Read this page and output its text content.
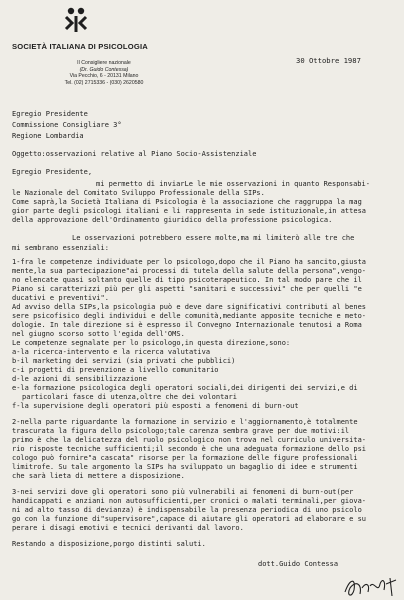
SOCIETÀ ITALIANA DI PSICOLOGIA
Il Consigliere nazionale
(Dr. Guido Contessa)
Via Pecchio, 6 - 20131 Milano
Tel. (02) 2715336 - (030) 2620580
30 Ottobre 1987
Egregio Presidente
Commissione Consigliare 3°
Regione Lombardia
Oggetto:osservazioni relative al Piano Socio-Assistenziale
Egregio Presidente,
mi permetto di inviarLe le mie osservazioni in quanto Responsabi-
le Nazionale del Comitato Sviluppo Professionale della SIPs.
Come saprà,la Società Italiana di Psicologia è la associazione che raggruppa la mag
gior parte degli psicologi italiani e li rappresenta in sede istituzionale,in attesa
della approvazione dell'Ordinamento giuridico della professione psicologica.
Le osservazioni potrebbero essere molte,ma mi limiterò alle tre che
mi sembrano essenziali:
1-fra le competenze individuate per lo psicologo,dopo che il Piano ha sancito,giusta
mente,la sua partecipazione"ai processi di tutela della salute della persona",vengo-
no elencate quasi soltanto quelle di tipo psicoterapeutico. In tal modo pare che il
Piano si caratterizzi più per gli aspetti "sanitari e successivi" che per quelli "e
ducativi e preventivi".
Ad avviso della SIPs,la psicologia può e deve dare significativi contributi al benes
sere psicofisico degli individui e delle comunità,mediante apposite tecniche e meto-
dologie. In tale direzione si è espresso il Convegno Internazionale tenutosi a Roma
nel giugno scorso sotto l'egida dell'OMS.
Le competenze segnalate per lo psicologo,in questa direzione,sono:
a-la ricerca-intervento e la ricerca valutativa
b-il marketing dei servizi (sia privati che pubblici)
c-i progetti di prevenzione a livello comunitario
d-le azioni di sensibilizzazione
e-la formazione psicologica degli operatori sociali,dei dirigenti dei servizi,e di
particolari fasce di utenza,oltre che dei volontari
f-la supervisione degli operatori più esposti a fenomeni di burn-out
2-nella parte riguardante la formazione in servizio e l'aggiornamento,è totalmente
trascurata la figura dello psicologo;tale carenza sembra grave per due motivi:il
primo è che la delicatezza del ruolo psicologico non trova nel curriculo universita-
rio risposte tecniche sufficienti;il secondo è che una adeguata formazione dello psi
cologo può fornire"a cascata" risorse per la formazione delle figure professionali
limitrofe. Su tale argomento la SIPs ha sviluppato un bagaglio di idee e strumenti
che sarà lieta di mettere a disposizione.
3-nei servizi dove gli operatori sono più vulnerabili ai fenomeni di burn-out(per
handicappati e anziani non autosufficienti,per cronici o malati terminali,per giova-
ni ad alto tasso di devianza) è indispensabile la presenza periodica di uno psicolo
go con la funzione di"supervisore",capace di aiutare gli operatori ad elaborare e su
perare i disagi emotivi e tecnici derivanti dal lavoro.
Restando a disposizione,porgo distinti saluti.
dott.Guido Contessa
